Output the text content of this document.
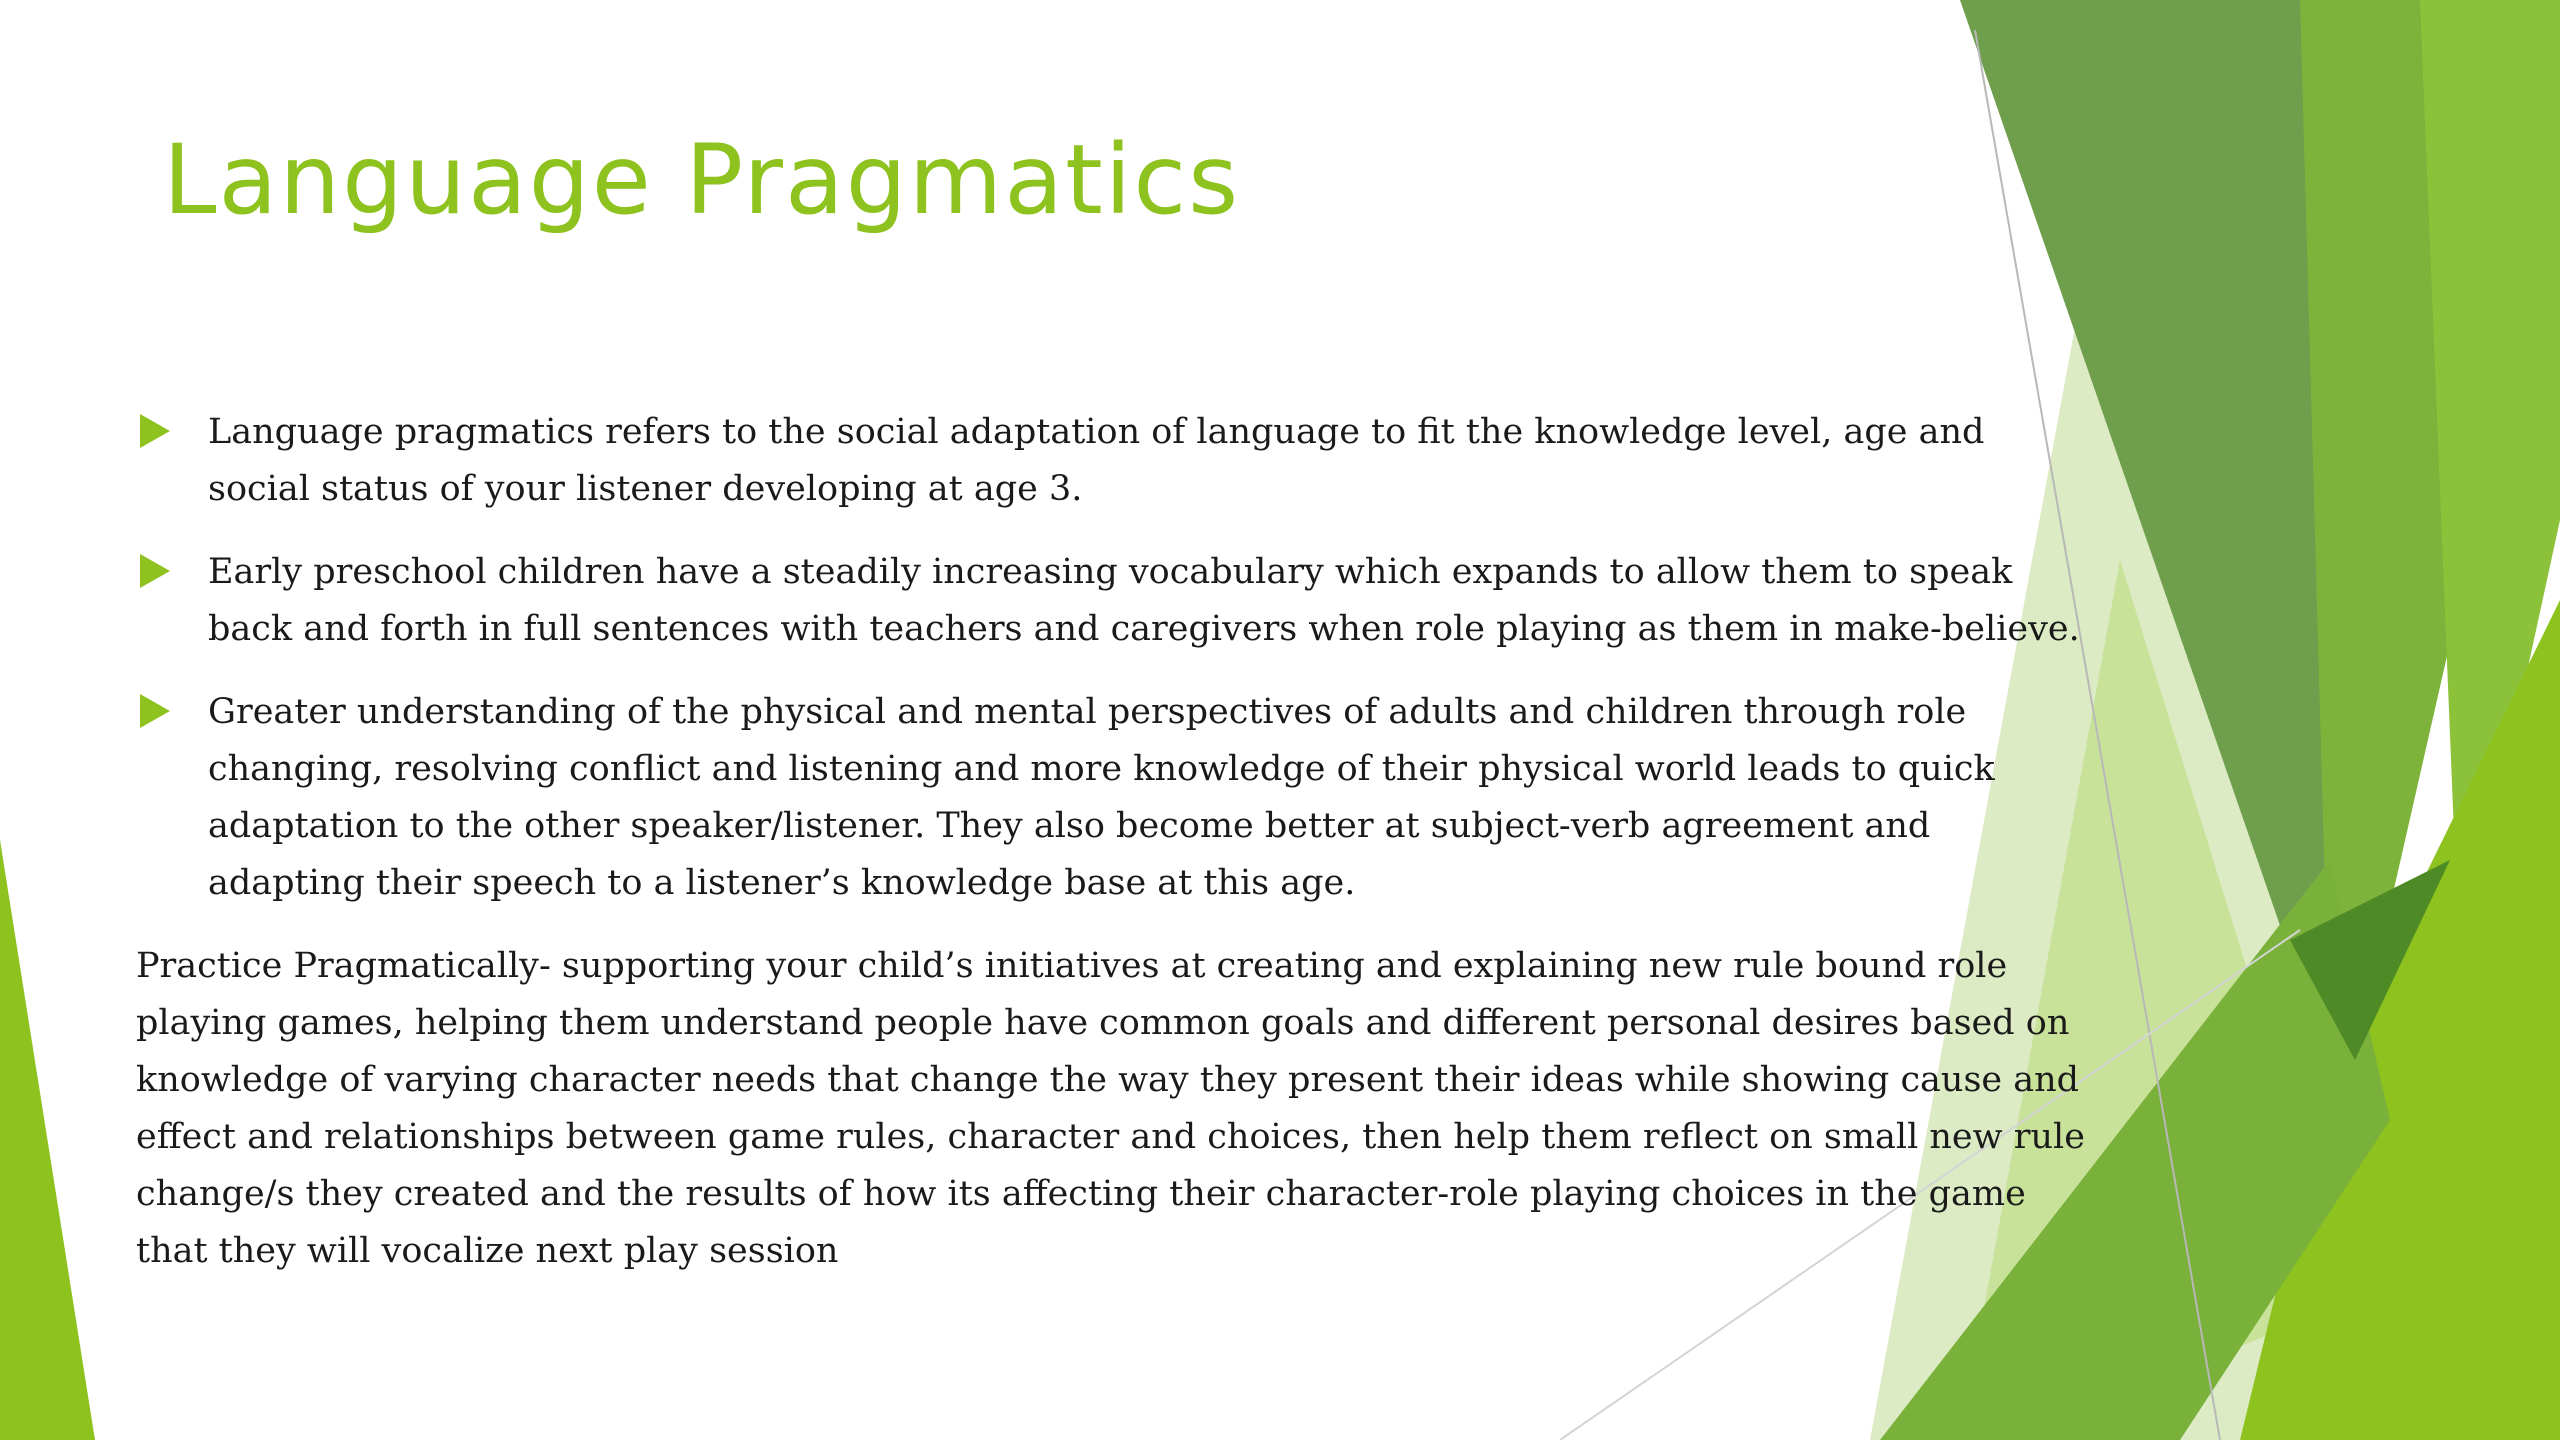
Language Pragmatics
Language pragmatics refers to the social adaptation of language to fit the knowledge level, age and social status of your listener developing at age 3.
Early preschool children have a steadily increasing vocabulary which expands to allow them to speak back and forth in full sentences with teachers and caregivers when role playing as them in make-believe.
Greater understanding of the physical and mental perspectives of adults and children through role changing, resolving conflict and listening and more knowledge of their physical world leads to quick adaptation to the other speaker/listener. They also become better at subject-verb agreement and adapting their speech to a listener’s knowledge base at this age.

Practice Pragmatically- supporting your child’s initiatives at creating and explaining new rule bound role playing games, helping them understand people have common goals and different personal desires based on knowledge of varying character needs that change the way they present their ideas while showing cause and effect and relationships between game rules, character and choices, then help them reflect on small new rule change/s they created and the results of how its affecting their character-role playing choices in the game that they will vocalize next play session
